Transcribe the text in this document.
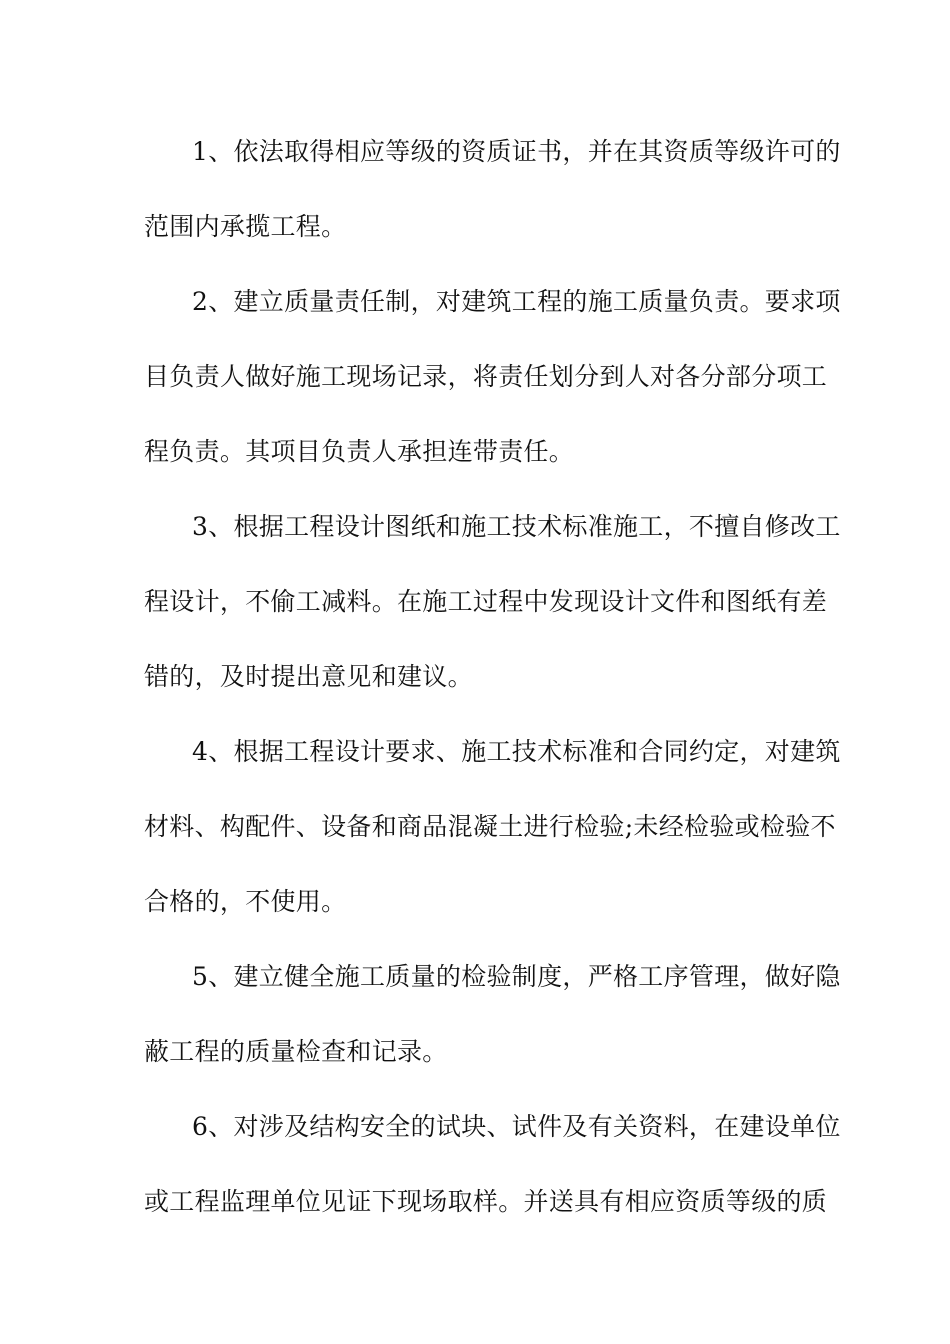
1、依法取得相应等级的资质证书，并在其资质等级许可的
范围内承揽工程。
2、建立质量责任制，对建筑工程的施工质量负责。要求项
目负责人做好施工现场记录，将责任划分到人对各分部分项工
程负责。其项目负责人承担连带责任。
3、根据工程设计图纸和施工技术标准施工，不擅自修改工
程设计，不偷工减料。在施工过程中发现设计文件和图纸有差
错的，及时提出意见和建议。
4、根据工程设计要求、施工技术标准和合同约定，对建筑
材料、构配件、设备和商品混凝土进行检验;未经检验或检验不
合格的，不使用。
5、建立健全施工质量的检验制度，严格工序管理，做好隐
蔽工程的质量检查和记录。
6、对涉及结构安全的试块、试件及有关资料，在建设单位
或工程监理单位见证下现场取样。并送具有相应资质等级的质
